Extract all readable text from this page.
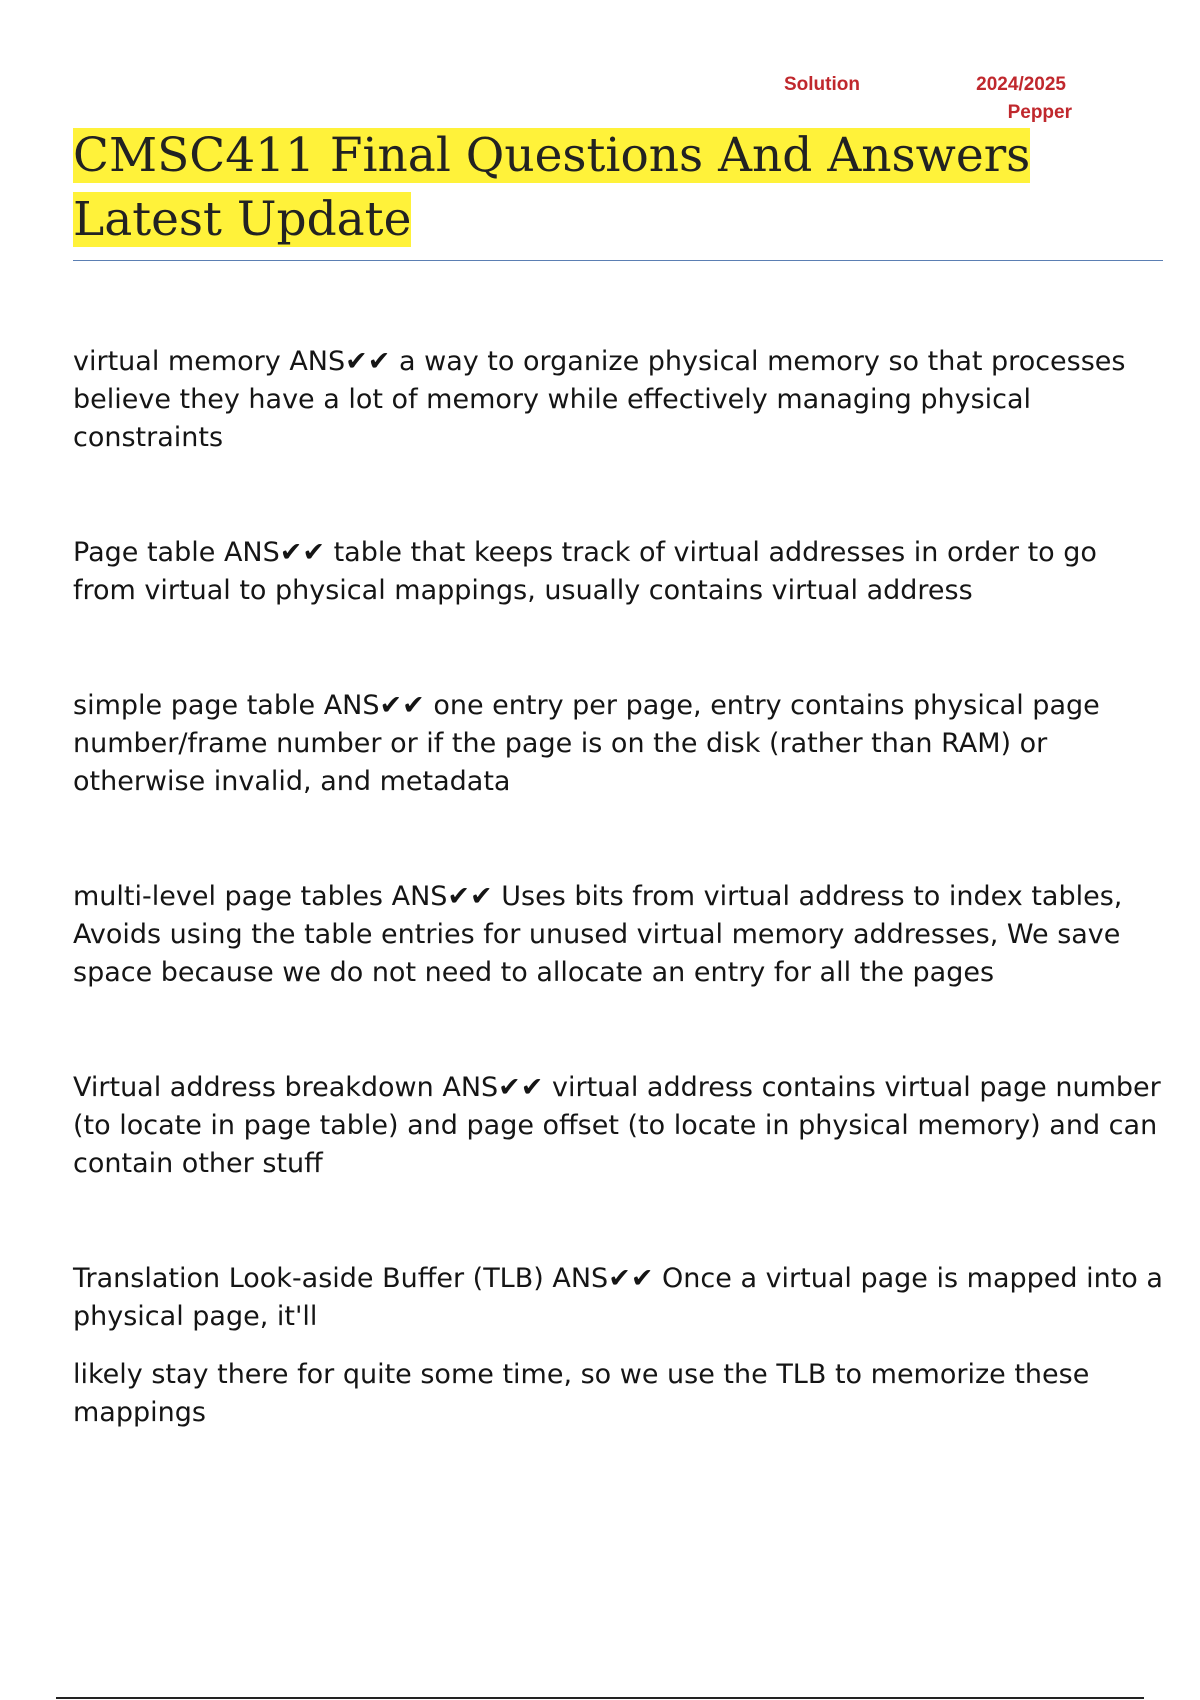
Solution	2024/2025
Pepper
CMSC411 Final Questions And Answers Latest Update

virtual memory ANS✔✔ a way to organize physical memory so that processes believe they have a lot of memory while effectively managing physical constraints

Page table ANS✔✔ table that keeps track of virtual addresses in order to go from virtual to physical mappings, usually contains virtual address

simple page table ANS✔✔ one entry per page, entry contains physical page number/frame number or if the page is on the disk (rather than RAM) or otherwise invalid, and metadata

multi-level page tables ANS✔✔ Uses bits from virtual address to index tables, Avoids using the table entries for unused virtual memory addresses, We save space because we do not need to allocate an entry for all the pages

Virtual address breakdown ANS✔✔ virtual address contains virtual page number (to locate in page table) and page offset (to locate in physical memory) and can contain other stuff

Translation Look-aside Buffer (TLB) ANS✔✔ Once a virtual page is mapped into a physical page, it'll

likely stay there for quite some time, so we use the TLB to memorize these mappings
